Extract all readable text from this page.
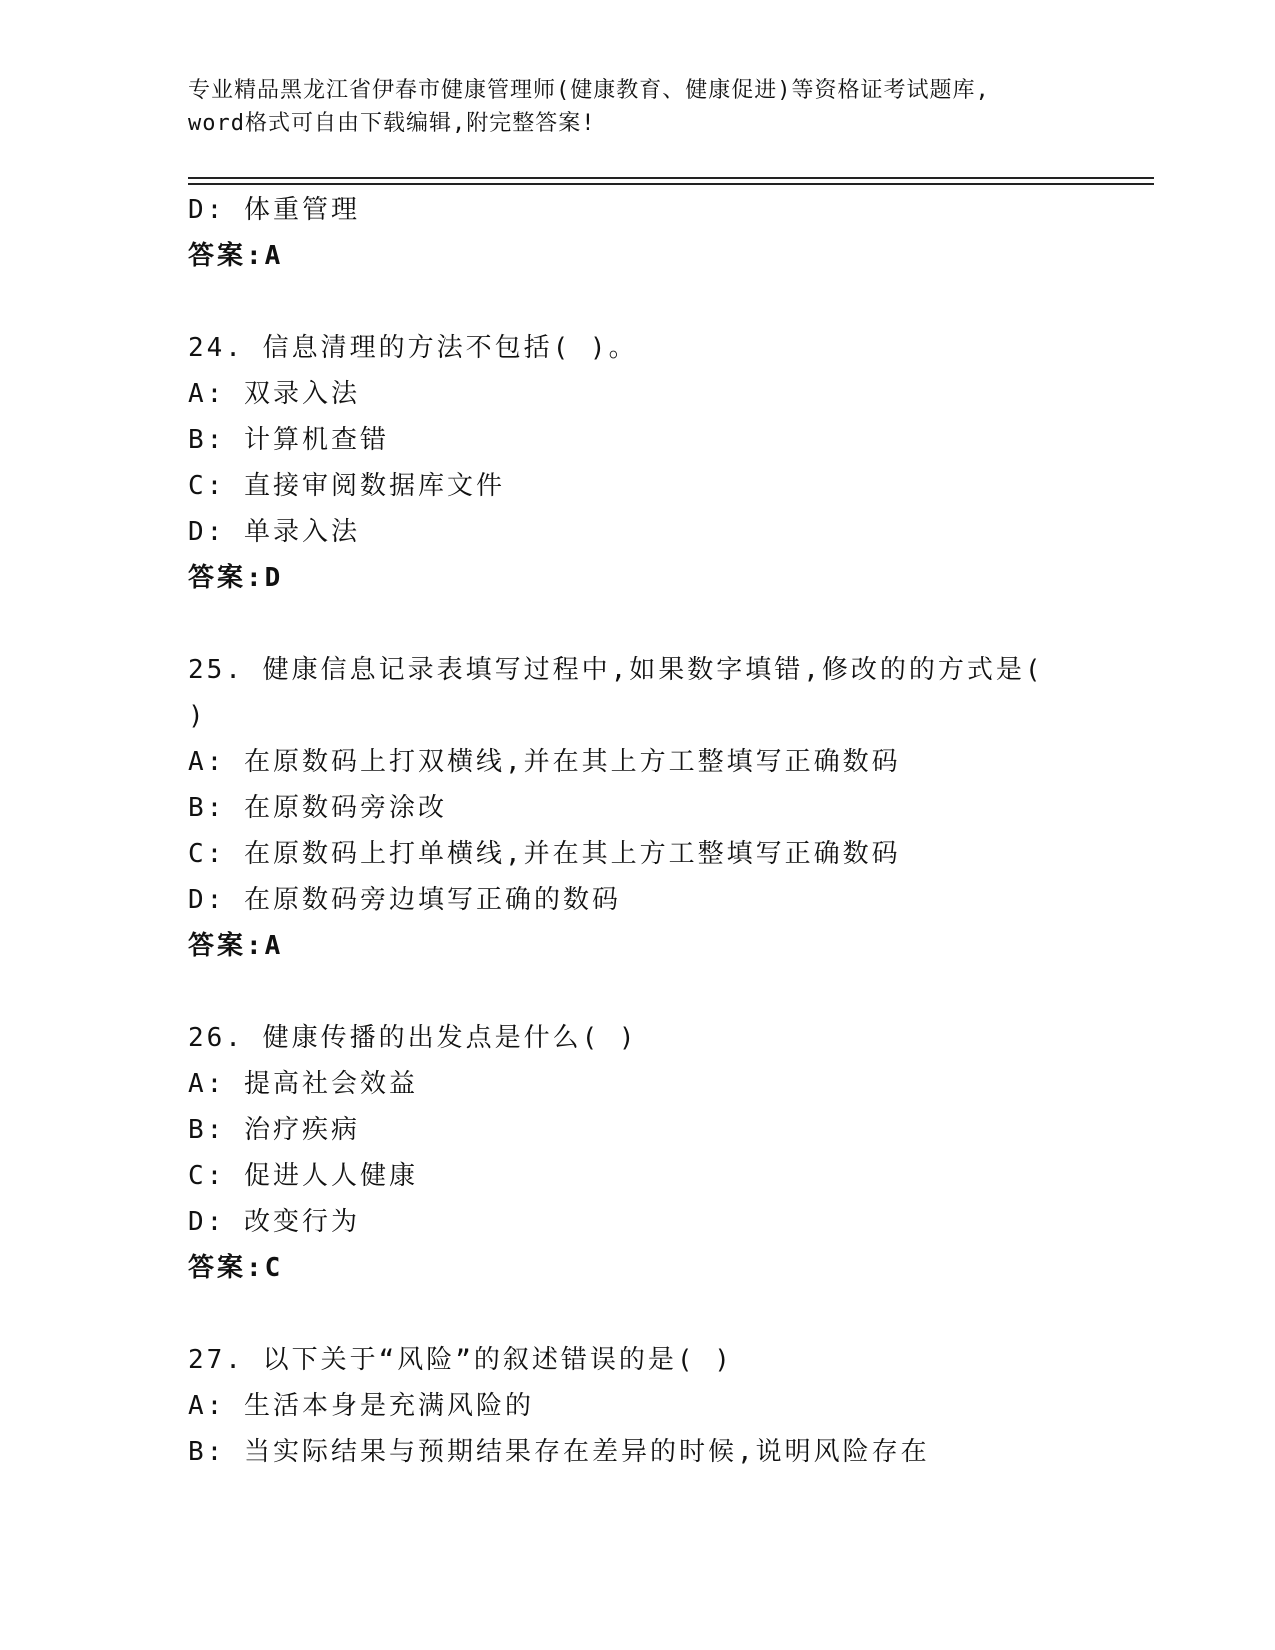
专业精品黑龙江省伊春市健康管理师(健康教育、健康促进)等资格证考试题库,
word格式可自由下载编辑,附完整答案!
D: 体重管理
答案:A
24. 信息清理的方法不包括( )。
A: 双录入法
B: 计算机查错
C: 直接审阅数据库文件
D: 单录入法
答案:D
25. 健康信息记录表填写过程中,如果数字填错,修改的的方式是(
)
A: 在原数码上打双横线,并在其上方工整填写正确数码
B: 在原数码旁涂改
C: 在原数码上打单横线,并在其上方工整填写正确数码
D: 在原数码旁边填写正确的数码
答案:A
26. 健康传播的出发点是什么( )
A: 提高社会效益
B: 治疗疾病
C: 促进人人健康
D: 改变行为
答案:C
27. 以下关于“风险”的叙述错误的是( )
A: 生活本身是充满风险的
B: 当实际结果与预期结果存在差异的时候,说明风险存在
